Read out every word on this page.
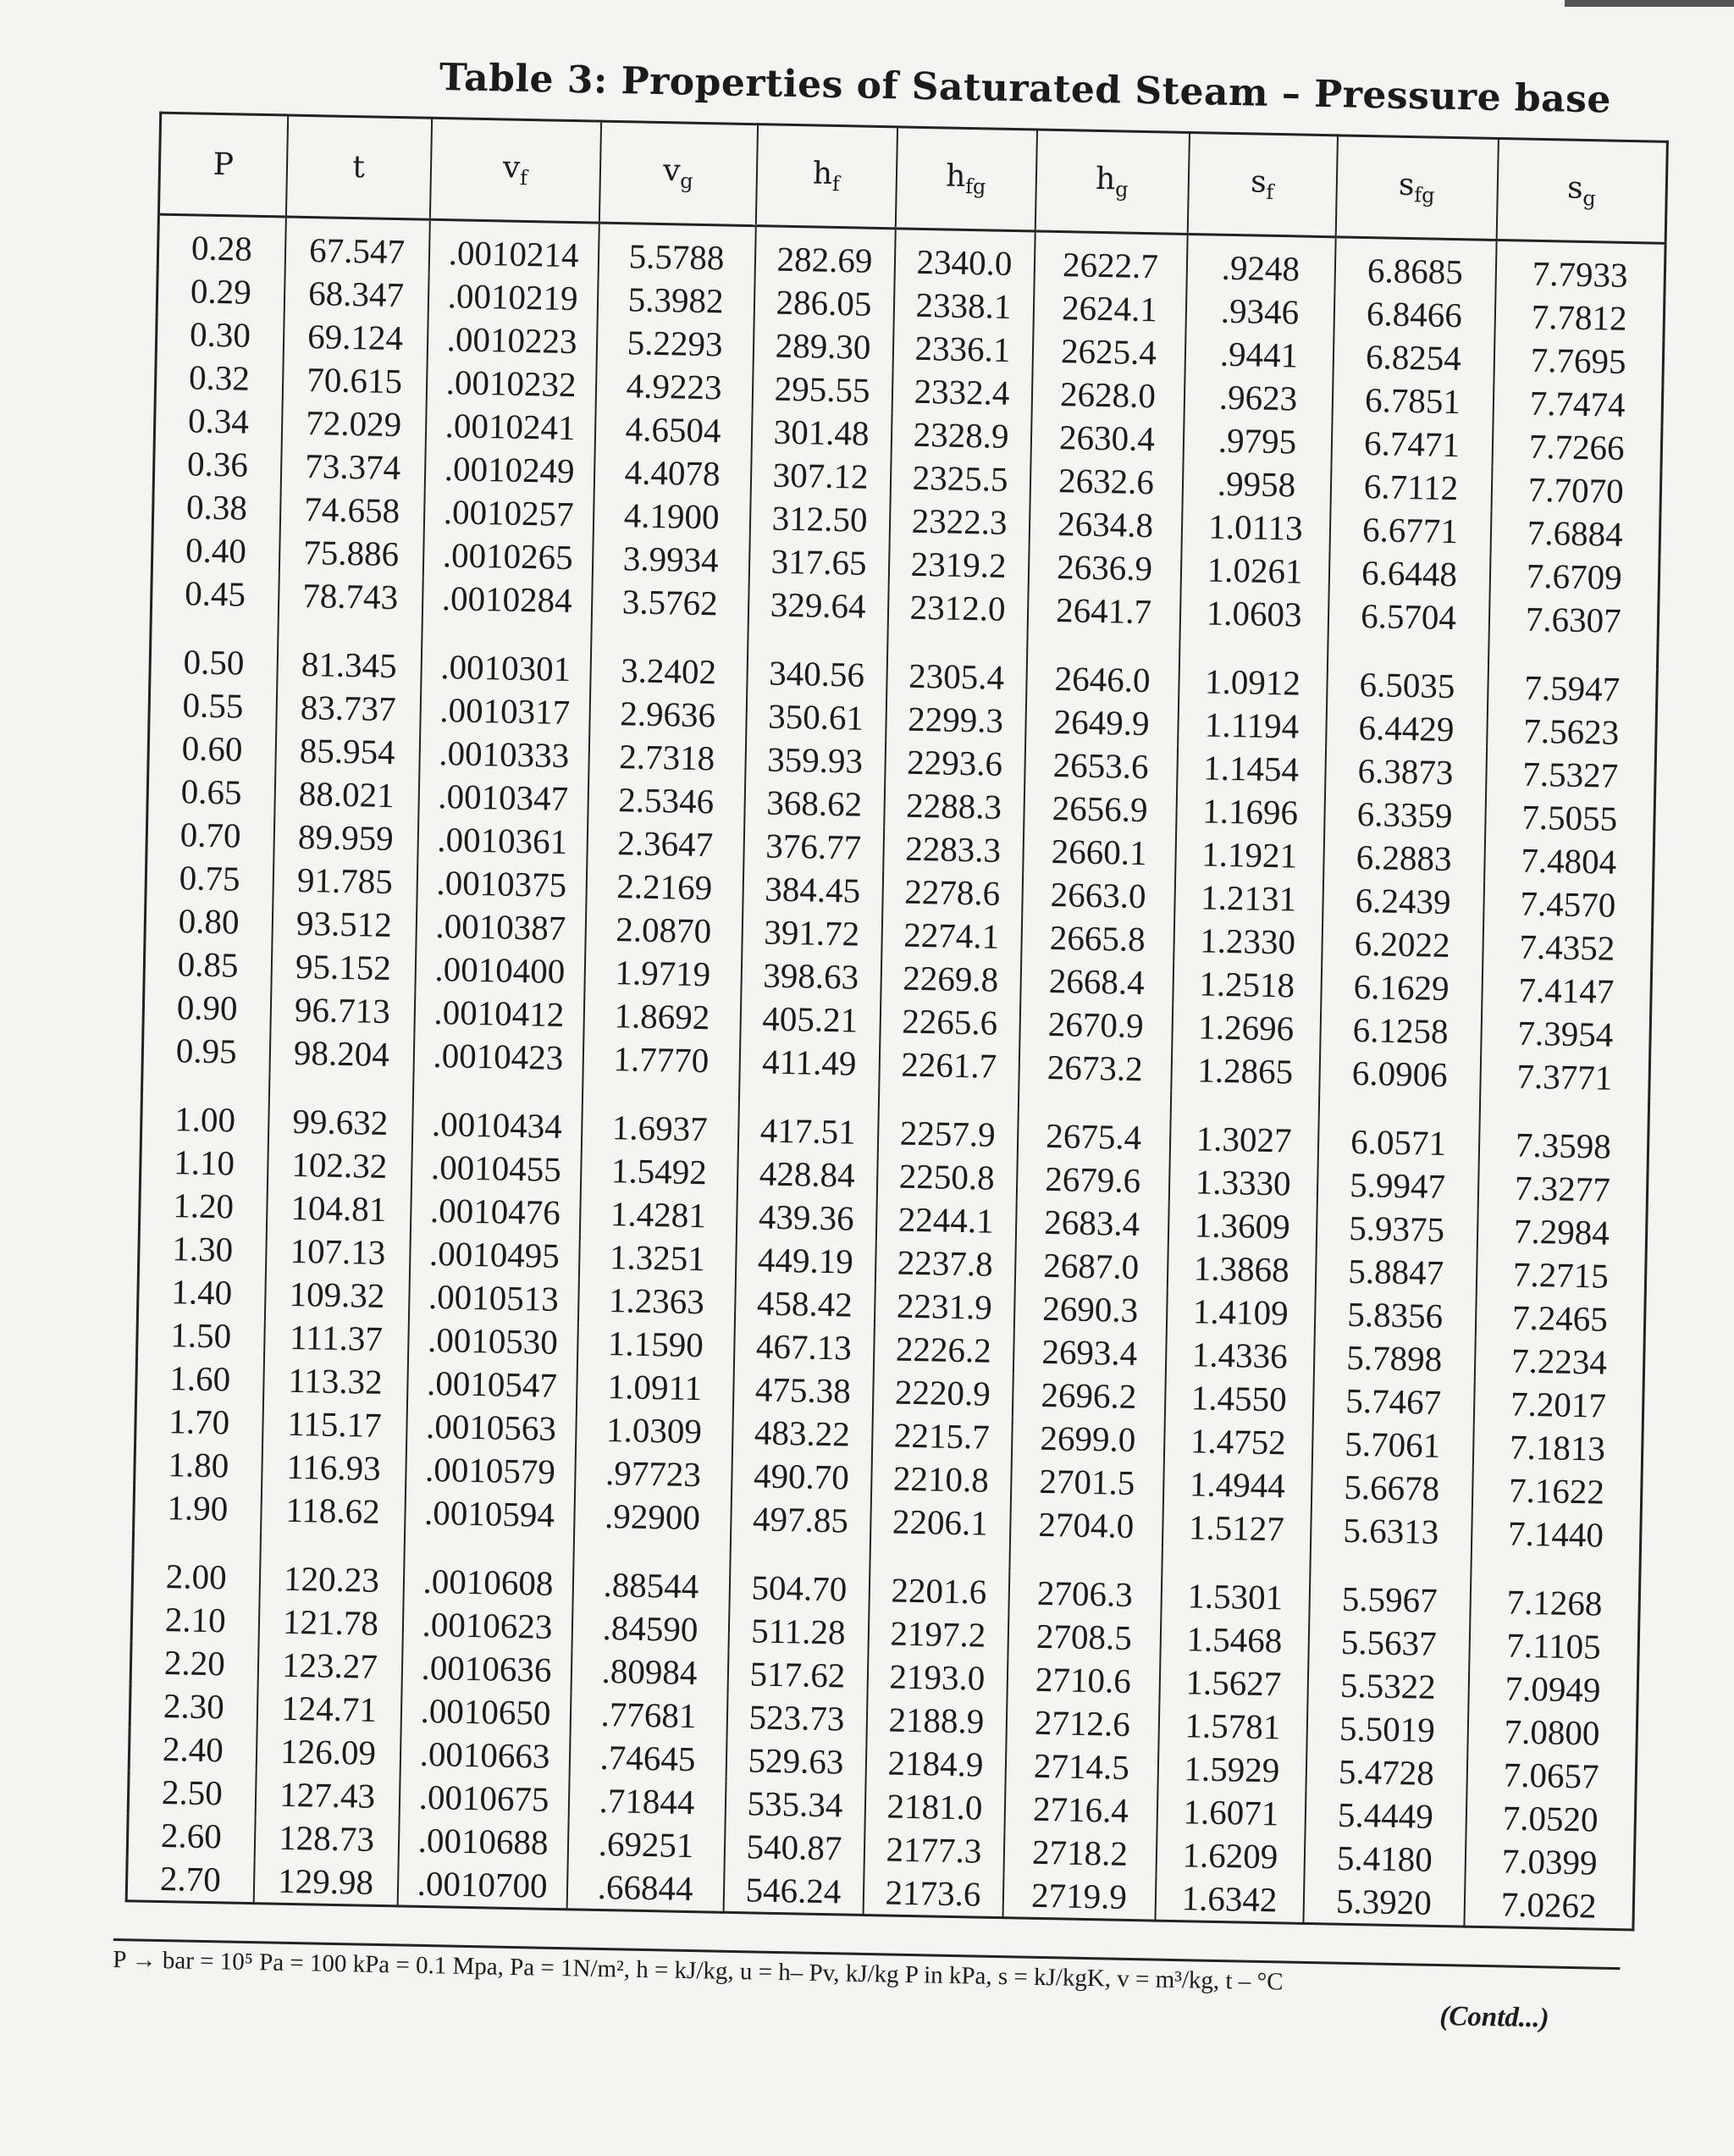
Table 3: Properties of Saturated Steam – Pressure base
P	t	$v_f$	$v_g$	$h_f$	$h_{fg}$	$h_g$	$s_f$	$s_{fg}$	$s_g$
0.28	67.547	.0010214	5.5788	282.69	2340.0	2622.7	.9248	6.8685	7.7933
0.29	68.347	.0010219	5.3982	286.05	2338.1	2624.1	.9346	6.8466	7.7812
0.30	69.124	.0010223	5.2293	289.30	2336.1	2625.4	.9441	6.8254	7.7695
0.32	70.615	.0010232	4.9223	295.55	2332.4	2628.0	.9623	6.7851	7.7474
0.34	72.029	.0010241	4.6504	301.48	2328.9	2630.4	.9795	6.7471	7.7266
0.36	73.374	.0010249	4.4078	307.12	2325.5	2632.6	.9958	6.7112	7.7070
0.38	74.658	.0010257	4.1900	312.50	2322.3	2634.8	1.0113	6.6771	7.6884
0.40	75.886	.0010265	3.9934	317.65	2319.2	2636.9	1.0261	6.6448	7.6709
0.45	78.743	.0010284	3.5762	329.64	2312.0	2641.7	1.0603	6.5704	7.6307

0.50	81.345	.0010301	3.2402	340.56	2305.4	2646.0	1.0912	6.5035	7.5947
0.55	83.737	.0010317	2.9636	350.61	2299.3	2649.9	1.1194	6.4429	7.5623
0.60	85.954	.0010333	2.7318	359.93	2293.6	2653.6	1.1454	6.3873	7.5327
0.65	88.021	.0010347	2.5346	368.62	2288.3	2656.9	1.1696	6.3359	7.5055
0.70	89.959	.0010361	2.3647	376.77	2283.3	2660.1	1.1921	6.2883	7.4804
0.75	91.785	.0010375	2.2169	384.45	2278.6	2663.0	1.2131	6.2439	7.4570
0.80	93.512	.0010387	2.0870	391.72	2274.1	2665.8	1.2330	6.2022	7.4352
0.85	95.152	.0010400	1.9719	398.63	2269.8	2668.4	1.2518	6.1629	7.4147
0.90	96.713	.0010412	1.8692	405.21	2265.6	2670.9	1.2696	6.1258	7.3954
0.95	98.204	.0010423	1.7770	411.49	2261.7	2673.2	1.2865	6.0906	7.3771

1.00	99.632	.0010434	1.6937	417.51	2257.9	2675.4	1.3027	6.0571	7.3598
1.10	102.32	.0010455	1.5492	428.84	2250.8	2679.6	1.3330	5.9947	7.3277
1.20	104.81	.0010476	1.4281	439.36	2244.1	2683.4	1.3609	5.9375	7.2984
1.30	107.13	.0010495	1.3251	449.19	2237.8	2687.0	1.3868	5.8847	7.2715
1.40	109.32	.0010513	1.2363	458.42	2231.9	2690.3	1.4109	5.8356	7.2465
1.50	111.37	.0010530	1.1590	467.13	2226.2	2693.4	1.4336	5.7898	7.2234
1.60	113.32	.0010547	1.0911	475.38	2220.9	2696.2	1.4550	5.7467	7.2017
1.70	115.17	.0010563	1.0309	483.22	2215.7	2699.0	1.4752	5.7061	7.1813
1.80	116.93	.0010579	.97723	490.70	2210.8	2701.5	1.4944	5.6678	7.1622
1.90	118.62	.0010594	.92900	497.85	2206.1	2704.0	1.5127	5.6313	7.1440

2.00	120.23	.0010608	.88544	504.70	2201.6	2706.3	1.5301	5.5967	7.1268
2.10	121.78	.0010623	.84590	511.28	2197.2	2708.5	1.5468	5.5637	7.1105
2.20	123.27	.0010636	.80984	517.62	2193.0	2710.6	1.5627	5.5322	7.0949
2.30	124.71	.0010650	.77681	523.73	2188.9	2712.6	1.5781	5.5019	7.0800
2.40	126.09	.0010663	.74645	529.63	2184.9	2714.5	1.5929	5.4728	7.0657
2.50	127.43	.0010675	.71844	535.34	2181.0	2716.4	1.6071	5.4449	7.0520
2.60	128.73	.0010688	.69251	540.87	2177.3	2718.2	1.6209	5.4180	7.0399
2.70	129.98	.0010700	.66844	546.24	2173.6	2719.9	1.6342	5.3920	7.0262
P → bar = 10⁵ Pa = 100 kPa = 0.1 Mpa, Pa = 1N/m², h = kJ/kg, u = h– Pv, kJ/kg P in kPa, s = kJ/kgK, v = m³/kg, t – °C
(Contd...)
